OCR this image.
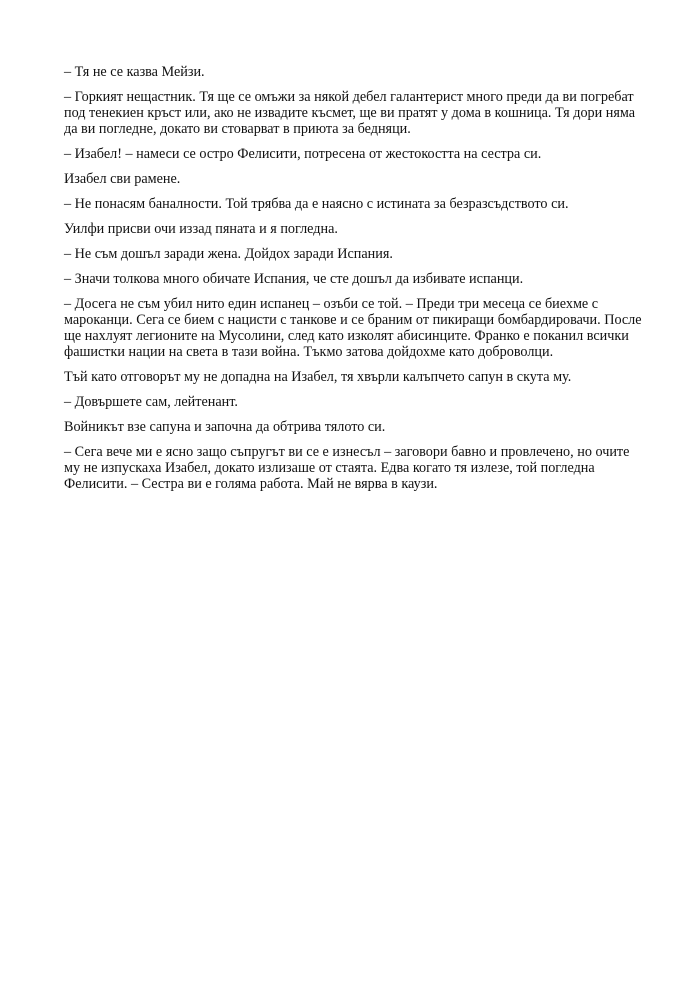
– Тя не се казва Мейзи.

– Горкият нещастник. Тя ще се омъжи за някой дебел галантерист много преди да ви погребат под тенекиен кръст или, ако не извадите късмет, ще ви пратят у дома в кошница. Тя дори няма да ви погледне, докато ви стоварват в приюта за бедняци.

– Изабел! – намеси се остро Фелисити, потресена от жестокостта на сестра си.

Изабел сви рамене.

– Не понасям баналности. Той трябва да е наясно с истината за безразсъдството си.

Уилфи присви очи иззад пяната и я погледна.

– Не съм дошъл заради жена. Дойдох заради Испания.

– Значи толкова много обичате Испания, че сте дошъл да избивате испанци.

– Досега не съм убил нито един испанец – озъби се той. – Преди три месеца се биехме с мароканци. Сега се бием с нацисти с танкове и се браним от пикиращи бомбардировачи. После ще нахлуят легионите на Мусолини, след като изколят абисинците. Франко е поканил всички фашистки нации на света в тази война. Тъкмо затова дойдохме като доброволци.

Тъй като отговорът му не допадна на Изабел, тя хвърли калъпчето сапун в скута му.

– Довършете сам, лейтенант.

Войникът взе сапуна и започна да обтрива тялото си.

– Сега вече ми е ясно защо съпругът ви се е изнесъл – заговори бавно и провлечено, но очите му не изпускаха Изабел, докато излизаше от стаята. Едва когато тя излезе, той погледна Фелисити. – Сестра ви е голяма работа. Май не вярва в каузи.
